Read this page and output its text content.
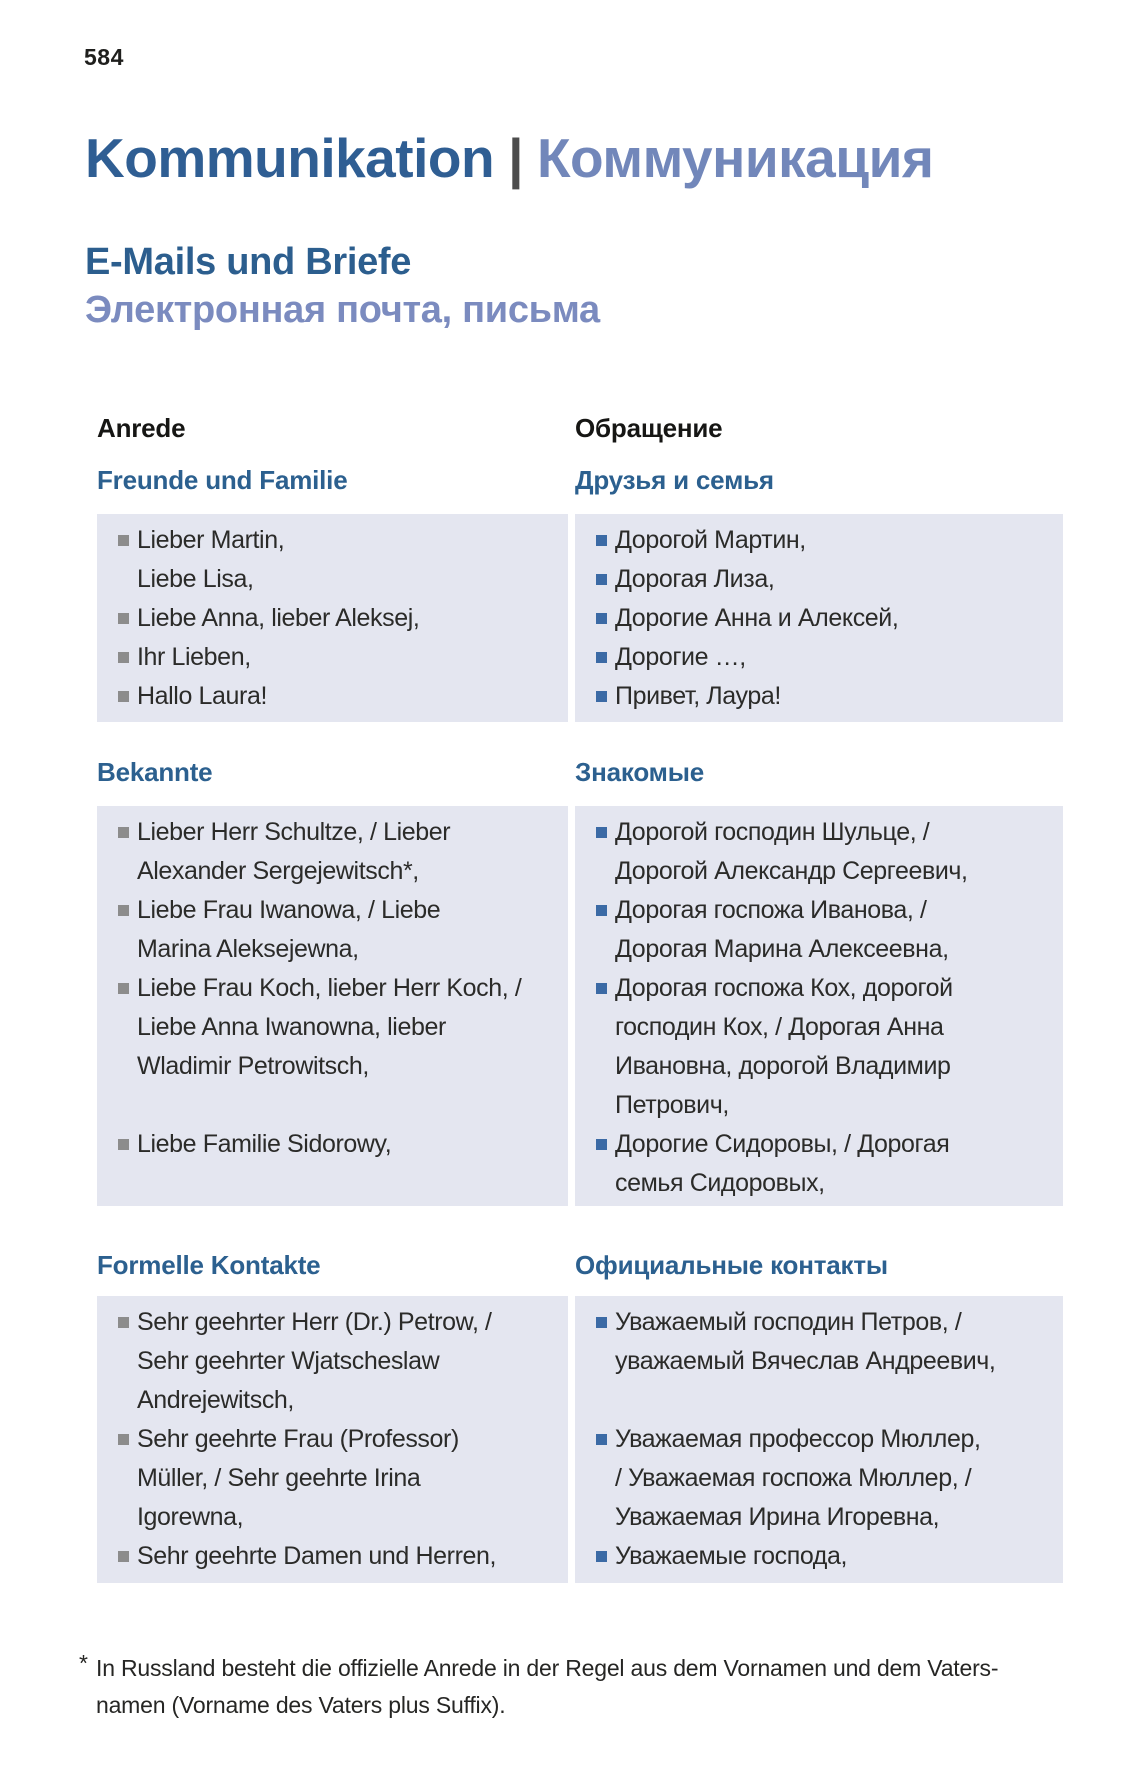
584
Kommunikation | Коммуникация
E-Mails und Briefe
Электронная почта, письма
Anrede	Обращение
Freunde und Familie	Друзья и семья
Lieber Martin,
Liebe Lisa,
Liebe Anna, lieber Aleksej,
Ihr Lieben,
Hallo Laura!
Дорогой Мартин,
Дорогая Лиза,
Дорогие Анна и Алексей,
Дорогие …,
Привет, Лаура!
Bekannte	Знакомые
Lieber Herr Schultze, / Lieber
Alexander Sergejewitsch*,
Liebe Frau Iwanowa, / Liebe
Marina Aleksejewna,
Liebe Frau Koch, lieber Herr Koch, /
Liebe Anna Iwanowna, lieber
Wladimir Petrowitsch,
Liebe Familie Sidorowy,
Дорогой господин Шульце, /
Дорогой Александр Сергеевич,
Дорогая госпожа Иванова, /
Дорогая Марина Алексеевна,
Дорогая госпожа Кох, дорогой
господин Кох, / Дорогая Анна
Ивановна, дорогой Владимир
Петрович,
Дорогие Сидоровы, / Дорогая
семья Сидоровых,
Formelle Kontakte	Официальные контакты
Sehr geehrter Herr (Dr.) Petrow, /
Sehr geehrter Wjatscheslaw
Andrejewitsch,
Sehr geehrte Frau (Professor)
Müller, / Sehr geehrte Irina
Igorewna,
Sehr geehrte Damen und Herren,
Уважаемый господин Петров, /
уважаемый Вячеслав Андреевич,
Уважаемая профессор Мюллер,
/ Уважаемая госпожа Мюллер, /
Уважаемая Ирина Игоревна,
Уважаемые господа,
* In Russland besteht die offizielle Anrede in der Regel aus dem Vornamen und dem Vaters-
namen (Vorname des Vaters plus Suffix).
